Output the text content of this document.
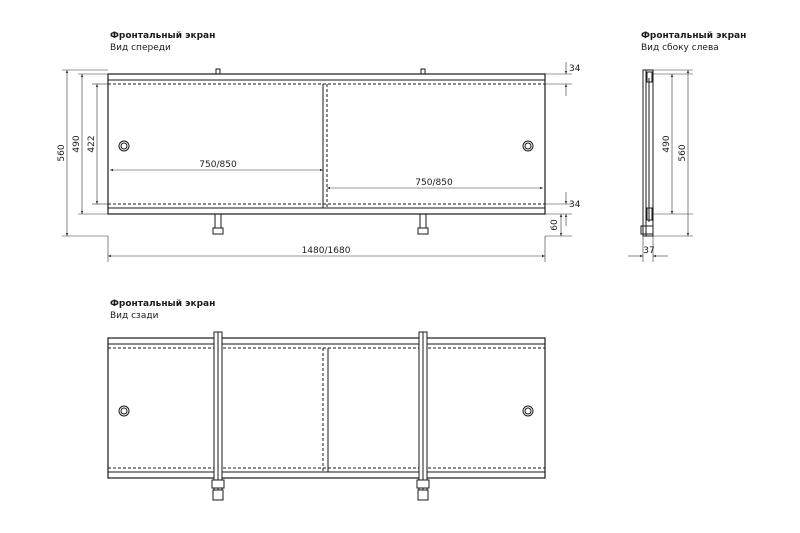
Фронтальный экран
Вид спереди
Фронтальный экран
Вид сбоку слева
Фронтальный экран
Вид сзади
560
490 422
34
34
60
750/850
750/850
1480/1680
490
560
37
